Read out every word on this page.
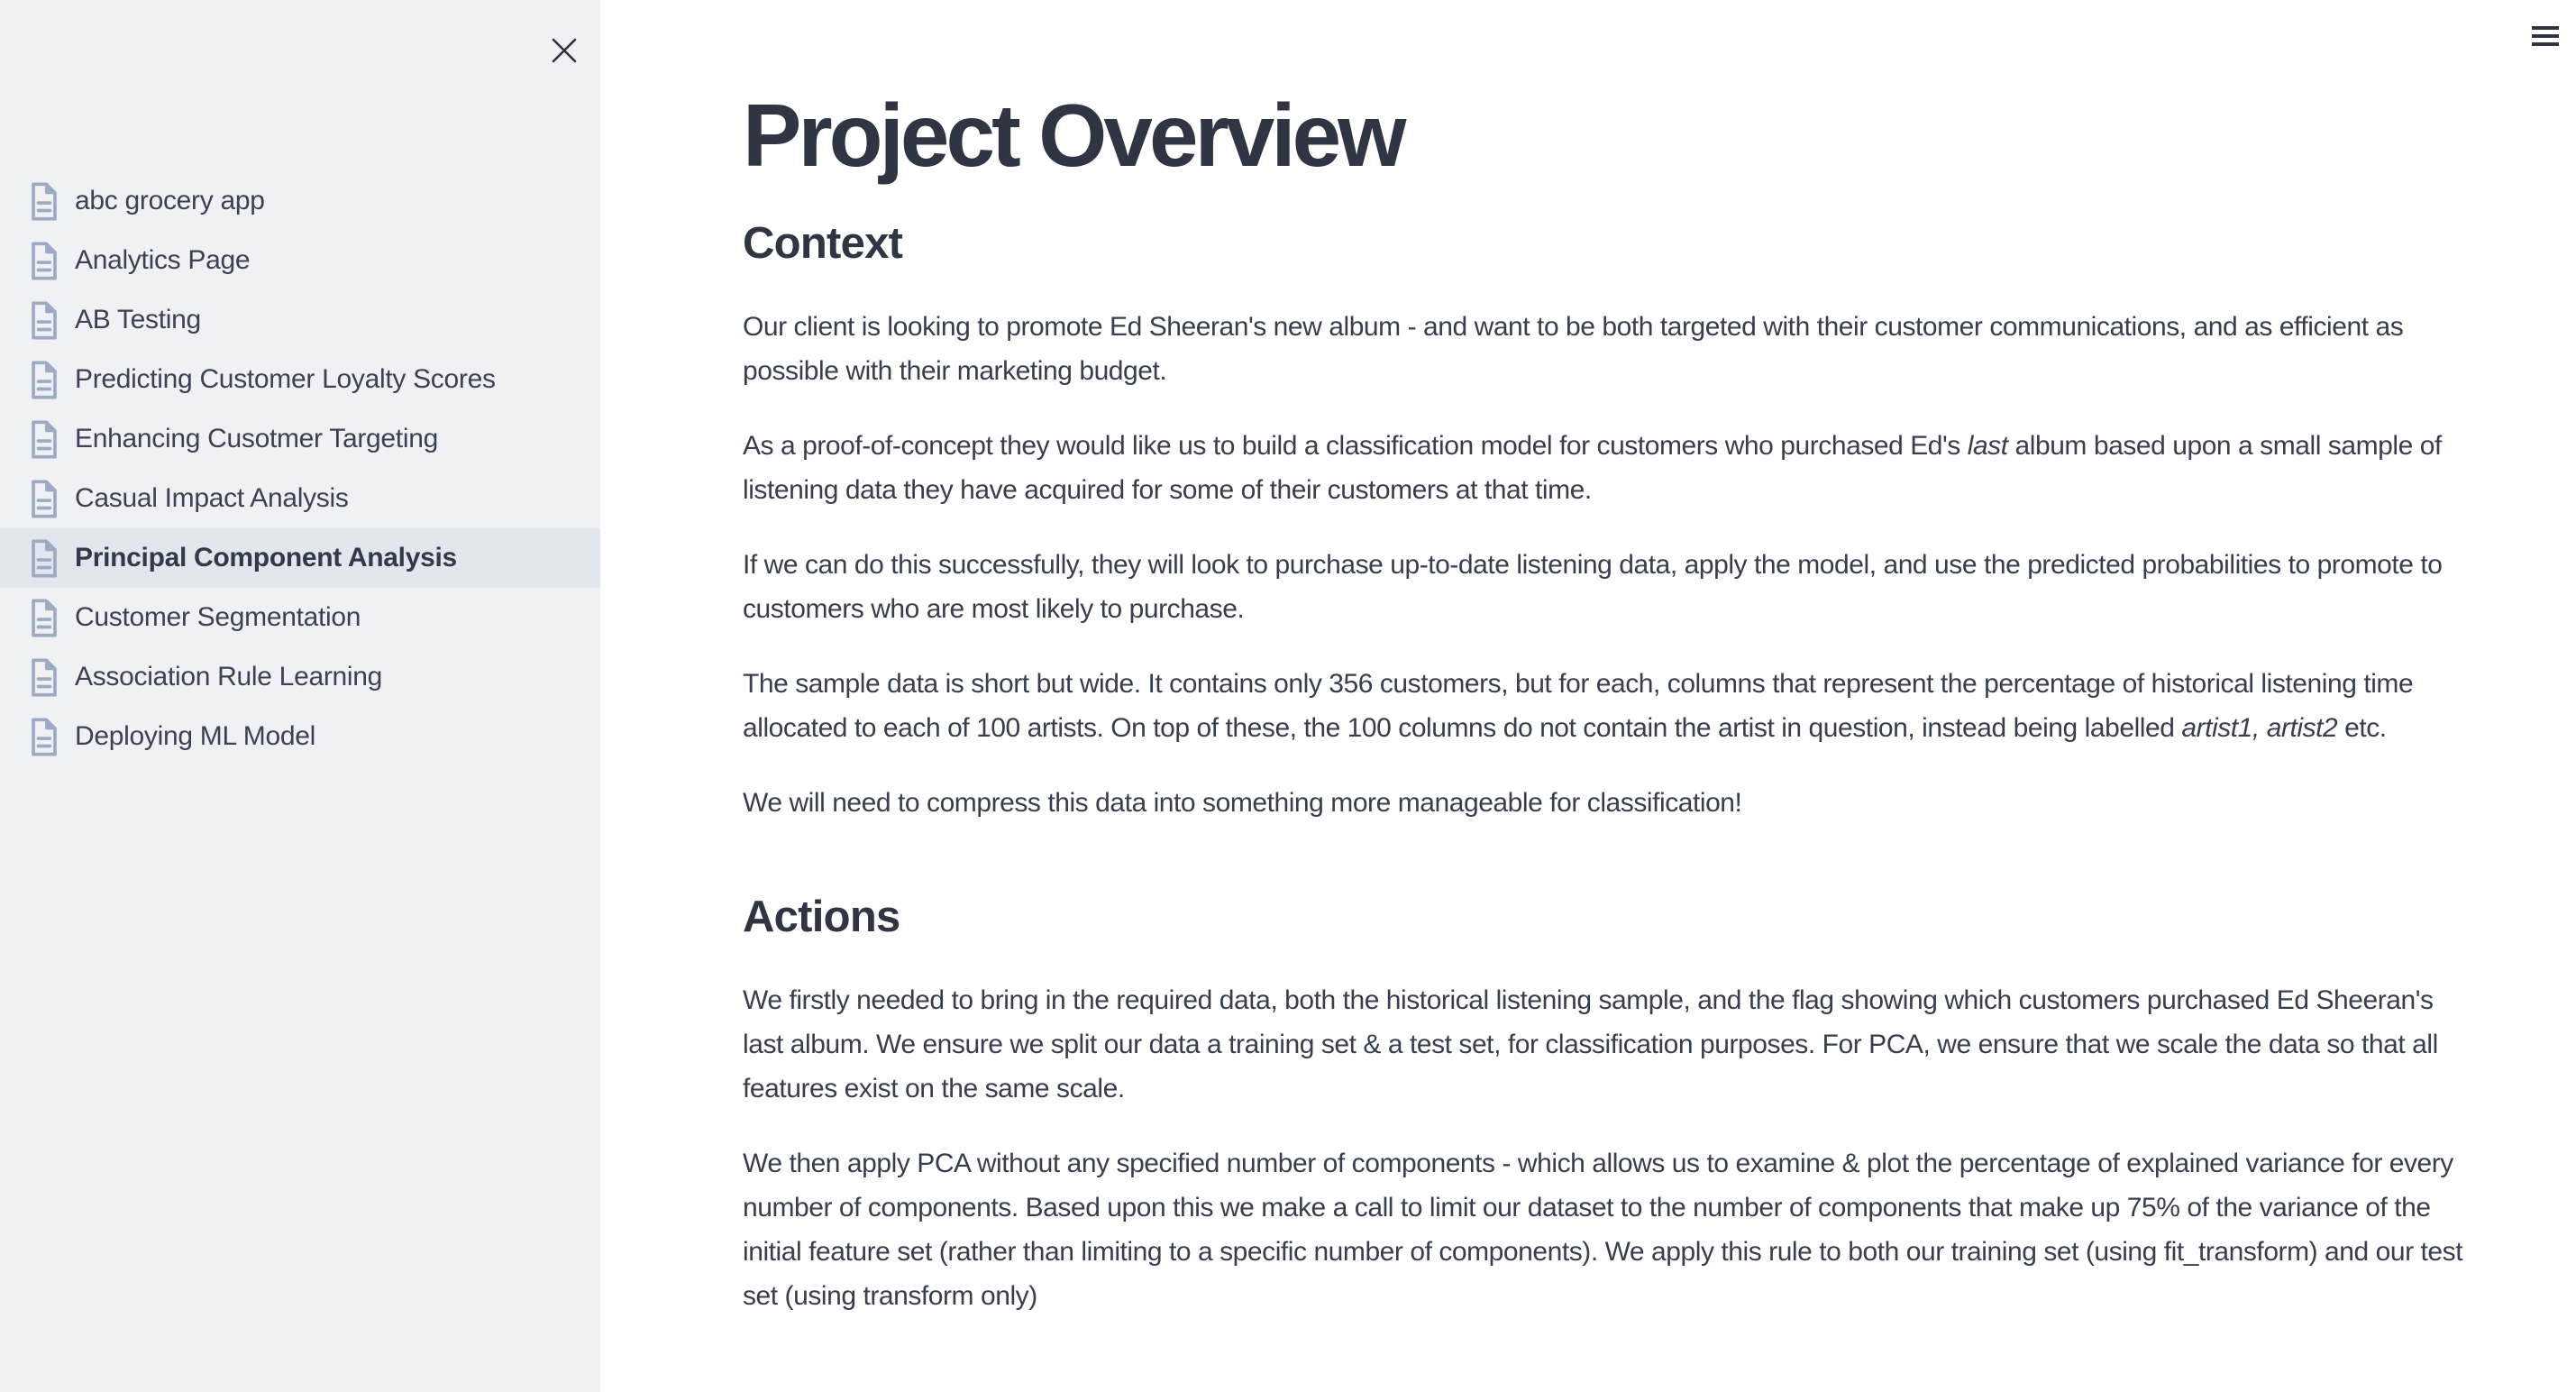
abc grocery app
Analytics Page
AB Testing
Predicting Customer Loyalty Scores
Enhancing Cusotmer Targeting
Casual Impact Analysis
Principal Component Analysis
Customer Segmentation
Association Rule Learning
Deploying ML Model
Project Overview
Context

Our client is looking to promote Ed Sheeran's new album - and want to be both targeted with their customer communications, and as efficient as possible with their marketing budget.

As a proof-of-concept they would like us to build a classification model for customers who purchased Ed's last album based upon a small sample of listening data they have acquired for some of their customers at that time.

If we can do this successfully, they will look to purchase up-to-date listening data, apply the model, and use the predicted probabilities to promote to customers who are most likely to purchase.

The sample data is short but wide. It contains only 356 customers, but for each, columns that represent the percentage of historical listening time allocated to each of 100 artists. On top of these, the 100 columns do not contain the artist in question, instead being labelled artist1, artist2 etc.

We will need to compress this data into something more manageable for classification!

Actions

We firstly needed to bring in the required data, both the historical listening sample, and the flag showing which customers purchased Ed Sheeran's last album. We ensure we split our data a training set & a test set, for classification purposes. For PCA, we ensure that we scale the data so that all features exist on the same scale.

We then apply PCA without any specified number of components - which allows us to examine & plot the percentage of explained variance for every number of components. Based upon this we make a call to limit our dataset to the number of components that make up 75% of the variance of the initial feature set (rather than limiting to a specific number of components). We apply this rule to both our training set (using fit_transform) and our test set (using transform only)
